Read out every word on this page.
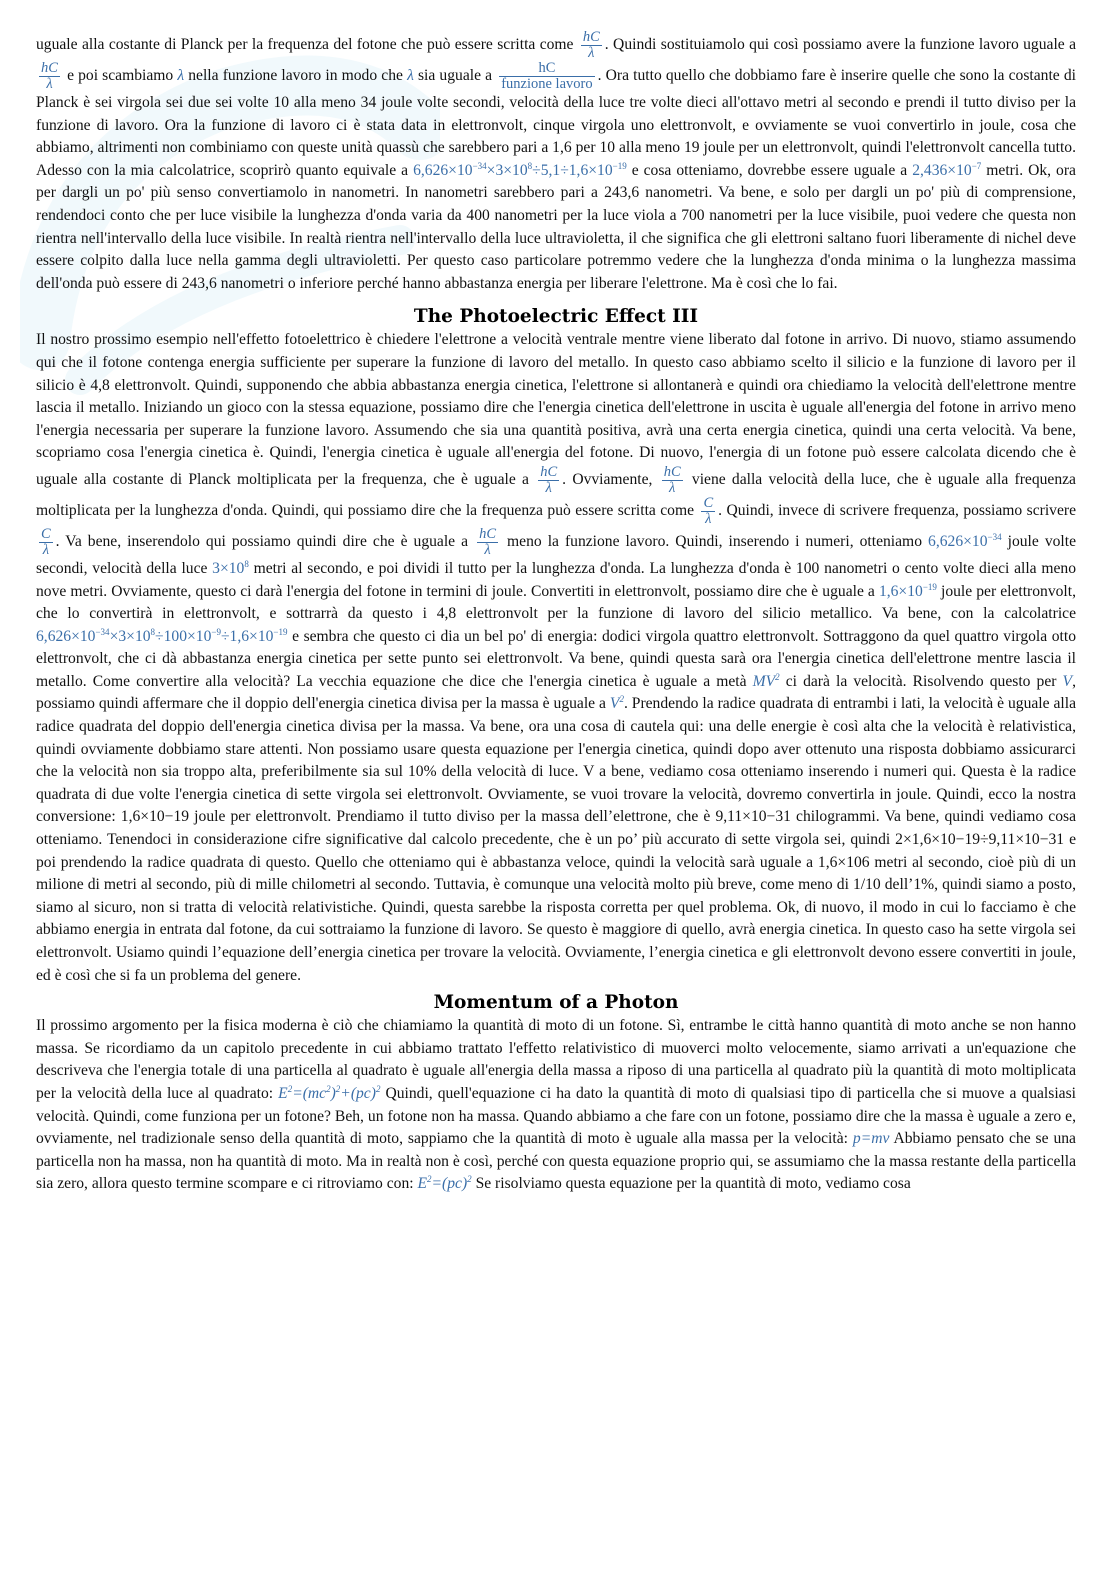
uguale alla costante di Planck per la frequenza del fotone che può essere scritta come $\frac{hC}{\lambda}$ . Quindi sostituiamolo qui così possiamo avere la funzione lavoro uguale a
$\frac{hC}{\lambda}$ e poi scambiamo λ nella funzione lavoro in modo che λ sia uguale a	hC
funzione lavoro . Ora tutto quello che dobbiamo fare è inserire quelle che sono la costante di Planck è sei virgola sei due sei volte 10 alla meno 34 joule volte secondi, velocità della luce tre volte dieci all'ottavo metri al secondo e prendi il tutto diviso per la funzione di lavoro. Ora la funzione di lavoro ci è stata data in elettronvolt, cinque virgola uno elettronvolt, e ovviamente se vuoi convertirlo in joule, cosa che abbiamo, altrimenti non combiniamo con queste unità quassù che sarebbero pari a 1,6 per 10 alla meno 19 joule per un elettronvolt, quindi l'elettronvolt cancella tutto. Adesso con la mia calcolatrice, scoprirò quanto equivale a $6,626\times 10^{-34}\times 3\times 10^8\div 5,1\div 1,6\times 10^{-19}$ e cosa otteniamo, dovrebbe essere uguale a $2,436\times 10^{-7}$ metri. Ok, ora per dargli un po' più senso convertiamolo in nanometri. In nanometri sarebbero pari a 243,6 nanometri. Va bene, e solo per dargli un po' più di comprensione, rendendoci conto che per luce visibile la lunghezza d'onda varia da 400 nanometri per la luce viola a 700 nanometri per la luce visibile, puoi vedere che questa non rientra nell'intervallo della luce visibile. In realtà rientra nell'intervallo della luce ultravioletta, il che significa che gli elettroni saltano fuori liberamente di nichel deve essere colpito dalla luce nella gamma degli ultravioletti. Per questo caso particolare potremmo vedere che la lunghezza d'onda minima o la lunghezza massima dell'onda può essere di 243,6 nanometri o inferiore perché hanno abbastanza energia per liberare l'elettrone. Ma è così che lo fai.

The Photoelectric Effect III

Il nostro prossimo esempio nell'effetto fotoelettrico è chiedere l'elettrone a velocità ventrale mentre viene liberato dal fotone in arrivo. Di nuovo, stiamo assumendo qui che il fotone contenga energia sufficiente per superare la funzione di lavoro del metallo. In questo caso abbiamo scelto il silicio e la funzione di lavoro per il silicio è 4,8 elettronvolt. Quindi, supponendo che abbia abbastanza energia cinetica, l'elettrone si allontanerà e quindi ora chiediamo la velocità dell'elettrone mentre lascia il metallo. Iniziando un gioco con la stessa equazione, possiamo dire che l'energia cinetica dell'elettrone in uscita è uguale all'energia del fotone in arrivo meno l'energia necessaria per superare la funzione lavoro. Assumendo che sia una quantità positiva, avrà una certa energia cinetica, quindi una certa velocità. Va bene, scopriamo cosa l'energia cinetica è. Quindi, l'energia cinetica è uguale all'energia del fotone. Di nuovo, l'energia di un fotone può essere calcolata dicendo che è uguale alla costante di Planck moltiplicata per la frequenza, che è uguale a $\frac{hC}{\lambda}$ . Ovviamente, $\frac{hC}{\lambda}$ viene dalla velocità della luce, che è uguale alla frequenza moltiplicata per la lunghezza d'onda. Quindi, qui possiamo dire che la frequenza può essere scritta come $\frac{C}{\lambda}$ . Quindi, invece di scrivere frequenza, possiamo scrivere
$\frac{C}{\lambda}$ . Va bene, inserendolo qui possiamo quindi dire che è uguale a $\frac{hC}{\lambda}$ meno la funzione lavoro. Quindi, inserendo i numeri, otteniamo $6,626\times 10^{-34}$ joule volte secondi, velocità della luce $3\times 10^8$ metri al secondo, e poi dividi il tutto per la lunghezza d'onda. La lunghezza d'onda è 100 nanometri o cento volte dieci alla meno nove metri. Ovviamente, questo ci darà l'energia del fotone in termini di joule. Convertiti in elettronvolt, possiamo dire che è uguale a $1,6\times 10^{-19}$ joule per elettronvolt, che lo convertirà in elettronvolt, e sottrarrà da questo i 4,8 elettronvolt per la funzione di lavoro del silicio metallico. Va bene, con la calcolatrice $6,626\times 10^{-34}\times 3\times 10^8\div 100\times 10^{-9}\div 1,6\times 10^{-19}$ e sembra che questo ci dia un bel po' di energia: dodici virgola quattro elettronvolt. Sottraggono da quel quattro virgola otto elettronvolt, che ci dà abbastanza energia cinetica per sette punto sei elettronvolt. Va bene, quindi questa sarà ora l'energia cinetica dell'elettrone mentre lascia il metallo. Come convertire alla velocità? La vecchia equazione che dice che l'energia cinetica è uguale a metà $MV^2$ ci darà la velocità. Risolvendo questo per V, possiamo quindi affermare che il doppio dell'energia cinetica divisa per la massa è uguale a $V^2$. Prendendo la radice quadrata di entrambi i lati, la velocità è uguale alla radice quadrata del doppio dell'energia cinetica divisa per la massa. Va bene, ora una cosa di cautela qui: una delle energie è così alta che la velocità è relativistica, quindi ovviamente dobbiamo stare attenti. Non possiamo usare questa equazione per l'energia cinetica, quindi dopo aver ottenuto una risposta dobbiamo assicurarci che la velocità non sia troppo alta, preferibilmente sia sul 10% della velocità di luce. V a bene, vediamo cosa otteniamo inserendo i numeri qui. Questa è la radice quadrata di due volte l'energia cinetica di sette virgola sei elettronvolt. Ovviamente, se vuoi trovare la velocità, dovremo convertirla in joule. Quindi, ecco la nostra conversione: 1,6×10−19 joule per elettronvolt. Prendiamo il tutto diviso per la massa dell’elettrone, che è 9,11×10−31 chilogrammi. Va bene, quindi vediamo cosa otteniamo. Tenendoci in considerazione cifre significative dal calcolo precedente, che è un po’ più accurato di sette virgola sei, quindi 2×1,6×10−19÷9,11×10−31 e poi prendendo la radice quadrata di questo. Quello che otteniamo qui è abbastanza veloce, quindi la velocità sarà uguale a 1,6×106 metri al secondo, cioè più di un milione di metri al secondo, più di mille chilometri al secondo. Tuttavia, è comunque una velocità molto più breve, come meno di 1/10 dell’1%, quindi siamo a posto, siamo al sicuro, non si tratta di velocità relativistiche. Quindi, questa sarebbe la risposta corretta per quel problema. Ok, di nuovo, il modo in cui lo facciamo è che abbiamo energia in entrata dal fotone, da cui sottraiamo la funzione di lavoro. Se questo è maggiore di quello, avrà energia cinetica. In questo caso ha sette virgola sei elettronvolt. Usiamo quindi l’equazione dell’energia cinetica per trovare la velocità. Ovviamente, l’energia cinetica e gli elettronvolt devono essere convertiti in joule, ed è così che si fa un problema del genere.

Momentum of a Photon

Il prossimo argomento per la fisica moderna è ciò che chiamiamo la quantità di moto di un fotone. Sì, entrambe le città hanno quantità di moto anche se non hanno massa. Se ricordiamo da un capitolo precedente in cui abbiamo trattato l'effetto relativistico di muoverci molto velocemente, siamo arrivati a un'equazione che descriveva che l'energia totale di una particella al quadrato è uguale all'energia della massa a riposo di una particella al quadrato più la quantità di moto moltiplicata per la velocità della luce al quadrato: $E^2=(mc^2)^2+(pc)^2$ Quindi, quell'equazione ci ha dato la quantità di moto di qualsiasi tipo di particella che si muove a qualsiasi velocità. Quindi, come funziona per un fotone? Beh, un fotone non ha massa. Quando abbiamo a che fare con un fotone, possiamo dire che la massa è uguale a zero e, ovviamente, nel tradizionale senso della quantità di moto, sappiamo che la quantità di moto è uguale alla massa per la velocità: p=mv Abbiamo pensato che se una particella non ha massa, non ha quantità di moto. Ma in realtà non è così, perché con questa equazione proprio qui, se assumiamo che la massa restante della particella sia zero, allora questo termine scompare e ci ritroviamo con: $E^2=(pc)^2$ Se risolviamo questa equazione per la quantità di moto, vediamo cosa
